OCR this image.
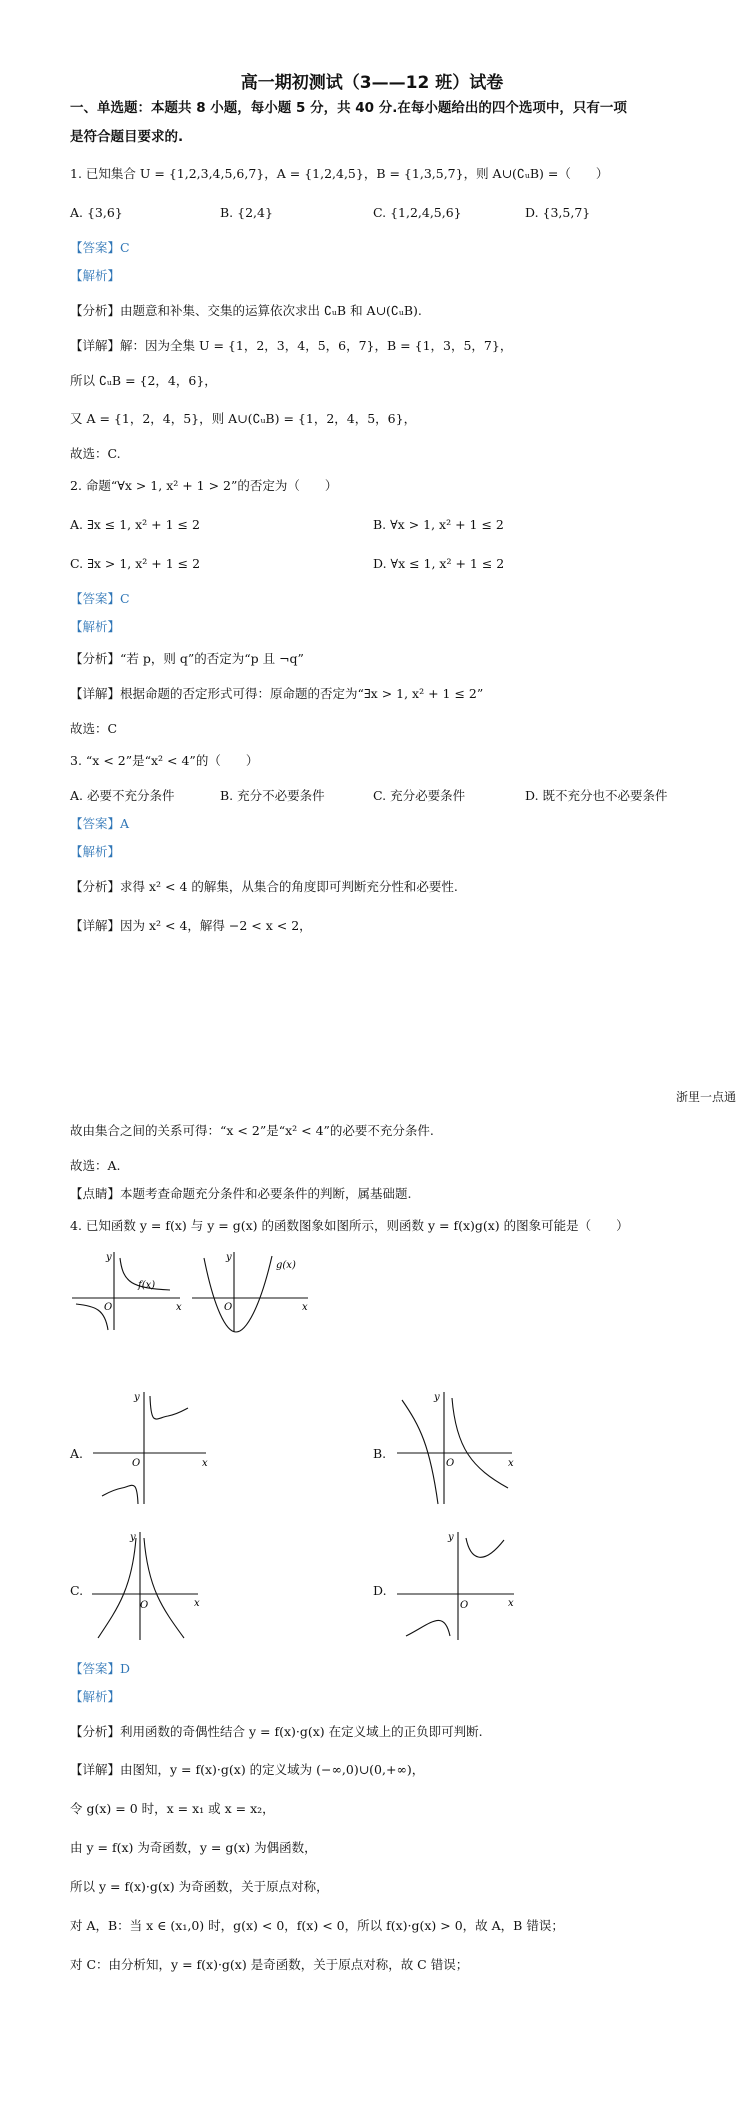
高一期初测试（3——12 班）试卷
一、单选题：本题共 8 小题，每小题 5 分，共 40 分.在每小题给出的四个选项中，只有一项
是符合题目要求的.
1. 已知集合 U = {1,2,3,4,5,6,7}，A = {1,2,4,5}，B = {1,3,5,7}，则 A∪(∁ᵤB) =（　　）
A. {3,6}	B. {2,4}	C. {1,2,4,5,6}	D. {3,5,7}
【答案】C
【解析】
【分析】由题意和补集、交集的运算依次求出 ∁ᵤB 和 A∪(∁ᵤB).
【详解】解：因为全集 U = {1，2，3，4，5，6，7}，B = {1，3，5，7}，
所以 ∁ᵤB = {2，4，6}，
又 A = {1，2，4，5}，则 A∪(∁ᵤB) = {1，2，4，5，6}，
故选：C.
2. 命题“∀x > 1, x² + 1 > 2”的否定为（　　）
A. ∃x ≤ 1, x² + 1 ≤ 2	B. ∀x > 1, x² + 1 ≤ 2
C. ∃x > 1, x² + 1 ≤ 2	D. ∀x ≤ 1, x² + 1 ≤ 2
【答案】C
【解析】
【分析】“若 p，则 q”的否定为“p 且 ¬q”
【详解】根据命题的否定形式可得：原命题的否定为“∃x > 1, x² + 1 ≤ 2”
故选：C
3. “x < 2”是“x² < 4”的（　　）
A. 必要不充分条件	B. 充分不必要条件	C. 充分必要条件	D. 既不充分也不必要条件
【答案】A
【解析】
【分析】求得 x² < 4 的解集，从集合的角度即可判断充分性和必要性.
【详解】因为 x² < 4，解得 −2 < x < 2，
浙里一点通
故由集合之间的关系可得：“x < 2”是“x² < 4”的必要不充分条件.
故选：A.
【点睛】本题考查命题充分条件和必要条件的判断，属基础题.
4. 已知函数 y = f(x) 与 y = g(x) 的函数图象如图所示，则函数 y = f(x)g(x) 的图象可能是（　　）
y
x
O
f(x)
y
x
O
g(x)
A.
y
x
O
B.
y
x
O
C.
y
x
O
D.
y
x
O
【答案】D
【解析】
【分析】利用函数的奇偶性结合 y = f(x)·g(x) 在定义域上的正负即可判断.
【详解】由图知，y = f(x)·g(x) 的定义域为 (−∞,0)∪(0,+∞)，
令 g(x) = 0 时，x = x₁ 或 x = x₂，
由 y = f(x) 为奇函数，y = g(x) 为偶函数，
所以 y = f(x)·g(x) 为奇函数，关于原点对称，
对 A，B：当 x ∈ (x₁,0) 时，g(x) < 0，f(x) < 0，所以 f(x)·g(x) > 0，故 A，B 错误；
对 C：由分析知，y = f(x)·g(x) 是奇函数，关于原点对称，故 C 错误；
